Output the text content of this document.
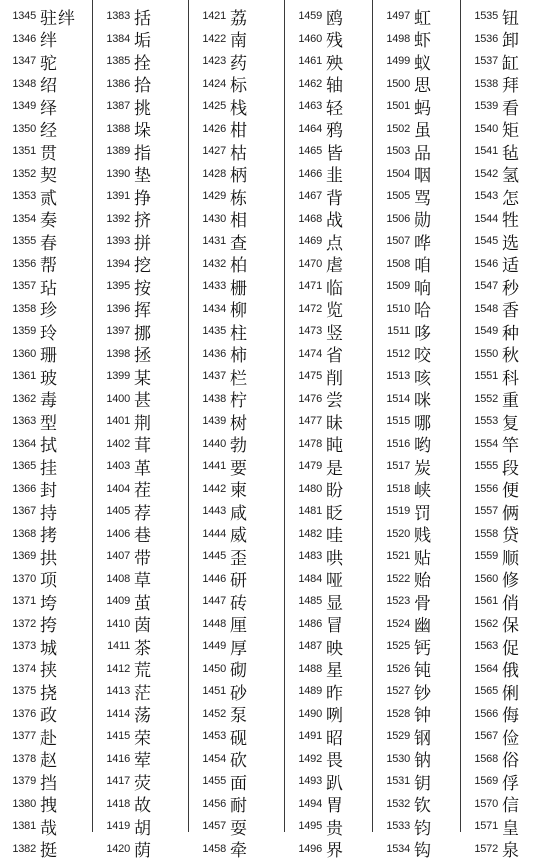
1345 驻绊
1346 绊
1347 驼
1348 绍
1349 绎
1350 经
1351 贯
1352 契
1353 贰
1354 奏
1355 春
1356 帮
1357 玷
1358 珍
1359 玲
1360 珊
1361 玻
1362 毒
1363 型
1364 拭
1365 挂
1366 封
1367 持
1368 拷
1369 拱
1370 项
1371 垮
1372 挎
1373 城
1374 挟
1375 挠
1376 政
1377 赴
1378 赵
1379 挡
1380 拽
1381 哉
1382 挺
1383 括
1384 垢
1385 拴
1386 拾
1387 挑
1388 垛
1389 指
1390 垫
1391 挣
1392 挤
1393 拼
1394 挖
1395 按
1396 挥
1397 挪
1398 拯
1399 某
1400 甚
1401 荆
1402 茸
1403 革
1404 茬
1405 荐
1406 巷
1407 带
1408 草
1409 茧
1410 茵
1411 茶
1412 荒
1413 茫
1414 荡
1415 荣
1416 荤
1417 荧
1418 故
1419 胡
1420 荫
1421 荔
1422 南
1423 药
1424 标
1425 栈
1426 柑
1427 枯
1428 柄
1429 栋
1430 相
1431 查
1432 柏
1433 栅
1434 柳
1435 柱
1436 柿
1437 栏
1438 柠
1439 树
1440 勃
1441 要
1442 柬
1443 咸
1444 威
1445 歪
1446 研
1447 砖
1448 厘
1449 厚
1450 砌
1451 砂
1452 泵
1453 砚
1454 砍
1455 面
1456 耐
1457 耍
1458 牵
1459 鸥
1460 残
1461 殃
1462 轴
1463 轻
1464 鸦
1465 皆
1466 韭
1467 背
1468 战
1469 点
1470 虐
1471 临
1472 览
1473 竖
1474 省
1475 削
1476 尝
1477 昧
1478 盹
1479 是
1480 盼
1481 眨
1482 哇
1483 哄
1484 哑
1485 显
1486 冒
1487 映
1488 星
1489 昨
1490 咧
1491 昭
1492 畏
1493 趴
1494 胃
1495 贵
1496 界
1497 虹
1498 虾
1499 蚁
1500 思
1501 蚂
1502 虽
1503 品
1504 咽
1505 骂
1506 勋
1507 哗
1508 咱
1509 响
1510 哈
1511 哆
1512 咬
1513 咳
1514 咪
1515 哪
1516 哟
1517 炭
1518 峡
1519 罚
1520 贱
1521 贴
1522 贻
1523 骨
1524 幽
1525 钙
1526 钝
1527 钞
1528 钟
1529 钢
1530 钠
1531 钥
1532 钦
1533 钧
1534 钩
1535 钮
1536 卸
1537 缸
1538 拜
1539 看
1540 矩
1541 毡
1542 氢
1543 怎
1544 牲
1545 选
1546 适
1547 秒
1548 香
1549 种
1550 秋
1551 科
1552 重
1553 复
1554 竿
1555 段
1556 便
1557 俩
1558 贷
1559 顺
1560 修
1561 俏
1562 保
1563 促
1564 俄
1565 俐
1566 侮
1567 俭
1568 俗
1569 俘
1570 信
1571 皇
1572 泉
